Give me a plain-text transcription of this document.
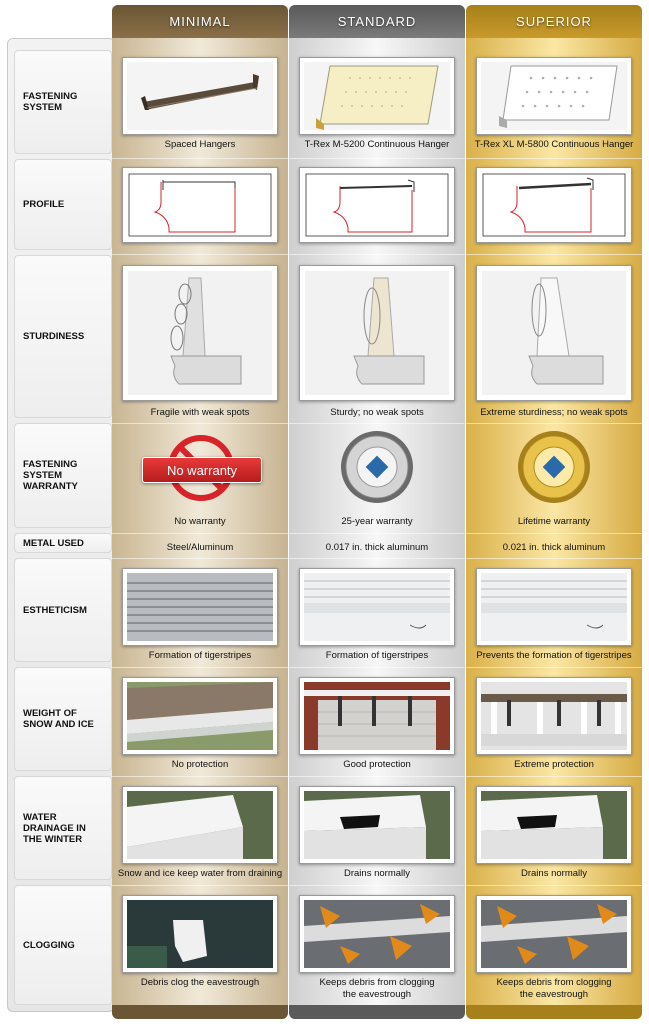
FASTENING
SYSTEM
PROFILE
STURDINESS
FASTENING
SYSTEM
WARRANTY
METAL USED
ESTHETICISM
WEIGHT OF
SNOW AND ICE
WATER
DRAINAGE IN
THE WINTER
CLOGGING
MINIMAL
Spaced Hangers
Fragile with weak spots
No warranty
No warranty
Steel/Aluminum
Formation of tigerstripes
No protection
Snow and ice keep water from draining
Debris clog the eavestrough
STANDARD
T-Rex M-5200 Continuous Hanger
Sturdy; no weak spots
25-year warranty
0.017 in. thick aluminum
Formation of tigerstripes
Good protection
Drains normally
Keeps debris from clogging
the eavestrough
SUPERIOR
T-Rex XL M-5800 Continuous Hanger
Extreme sturdiness; no weak spots
Lifetime warranty
0.021 in. thick aluminum
Prevents the formation of tigerstripes
Extreme protection
Drains normally
Keeps debris from clogging
the eavestrough
